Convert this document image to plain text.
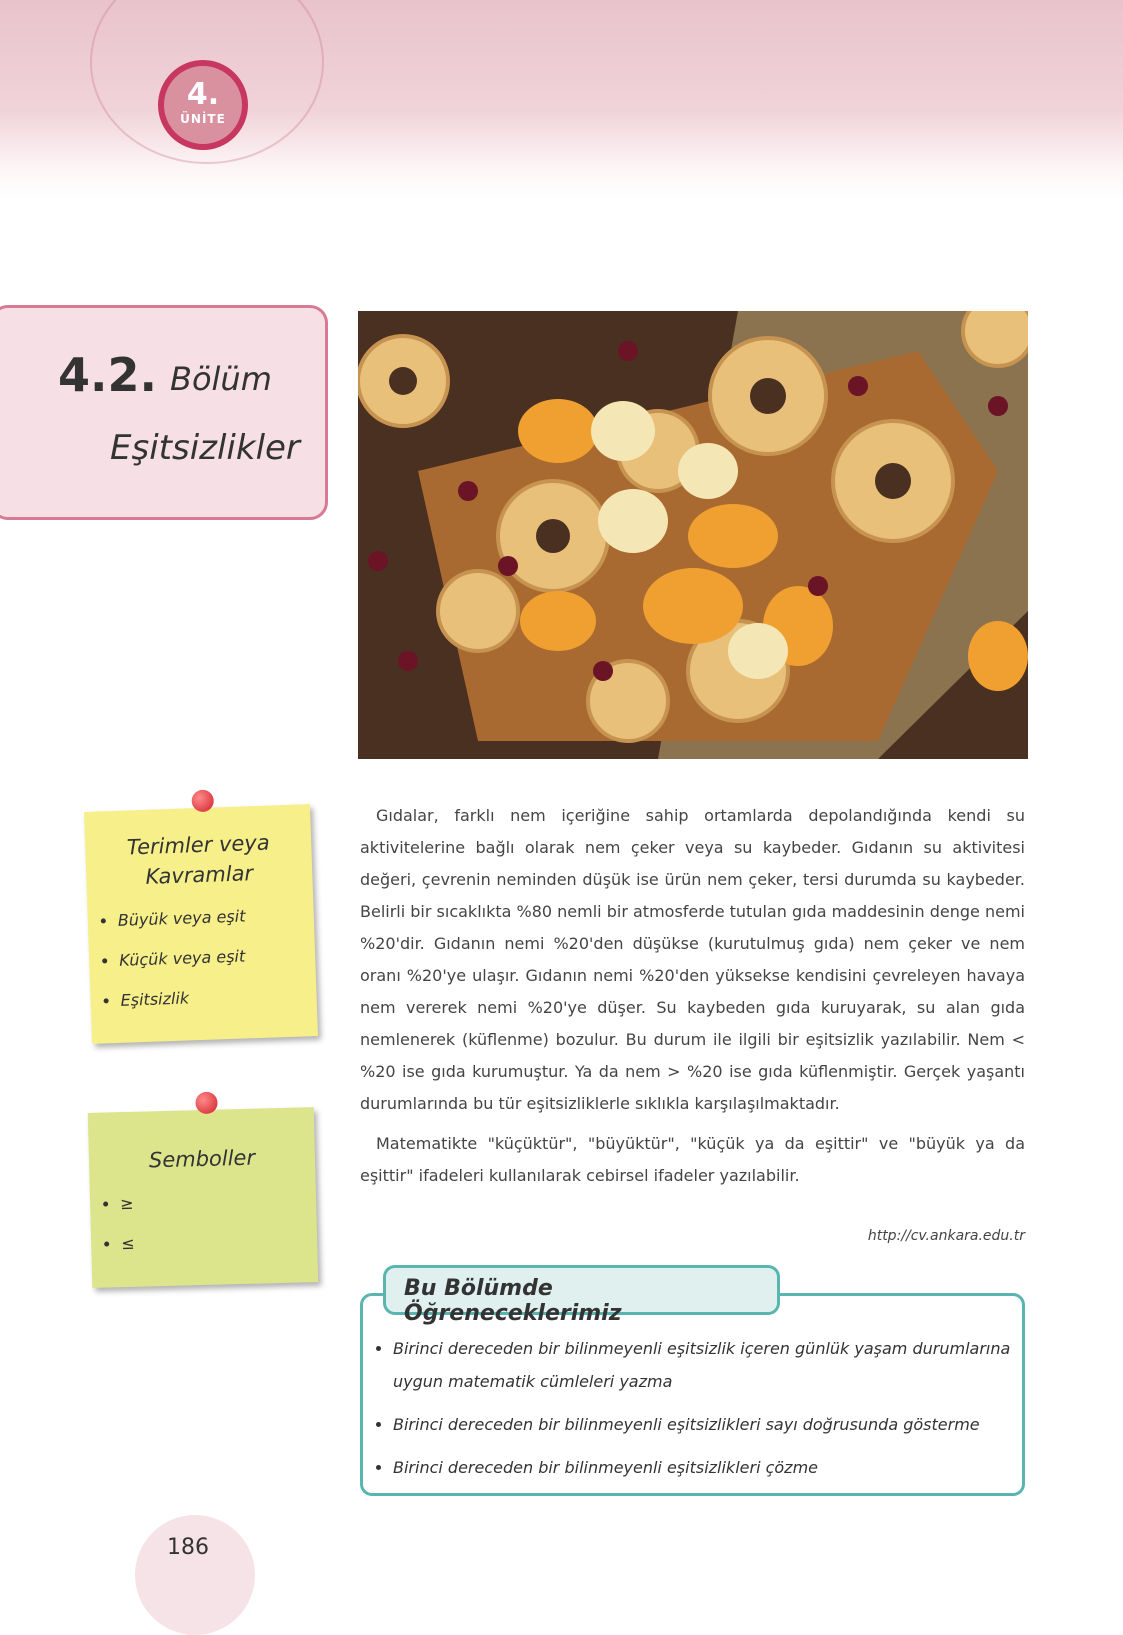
4.
ÜNİTE
4.2. Bölüm
Eşitsizlikler
Terimler veya
Kavramlar
• Büyük veya eşit
• Küçük veya eşit
• Eşitsizlik
Semboller
• ≥
• ≤

Gıdalar, farklı nem içeriğine sahip ortamlarda depolandığında kendi su aktivitelerine bağlı olarak nem çeker veya su kaybeder. Gıdanın su aktivitesi değeri, çevrenin neminden düşük ise ürün nem çeker, tersi durumda su kaybeder. Belirli bir sıcaklıkta %80 nemli bir atmosferde tutulan gıda maddesinin denge nemi %20'dir. Gıdanın nemi %20'den düşükse (kurutulmuş gıda) nem çeker ve nem oranı %20'ye ulaşır. Gıdanın nemi %20'den yüksekse kendisini çevreleyen havaya nem vererek nemi %20'ye düşer. Su kaybeden gıda kuruyarak, su alan gıda nemlenerek (küflenme) bozulur. Bu durum ile ilgili bir eşitsizlik yazılabilir. Nem < %20 ise gıda kurumuştur. Ya da nem > %20 ise gıda küflenmiştir. Gerçek yaşantı durumlarında bu tür eşitsizliklerle sıklıkla karşılaşılmaktadır.

Matematikte "küçüktür", "büyüktür", "küçük ya da eşittir" ve "büyük ya da eşittir" ifadeleri kullanılarak cebirsel ifadeler yazılabilir.

http://cv.ankara.edu.tr
• Birinci dereceden bir bilinmeyenli eşitsizlik içeren günlük yaşam durumlarına uygun matematik cümleleri yazma
• Birinci dereceden bir bilinmeyenli eşitsizlikleri sayı doğrusunda gösterme
• Birinci dereceden bir bilinmeyenli eşitsizlikleri çözme
Bu Bölümde Öğreneceklerimiz
186
